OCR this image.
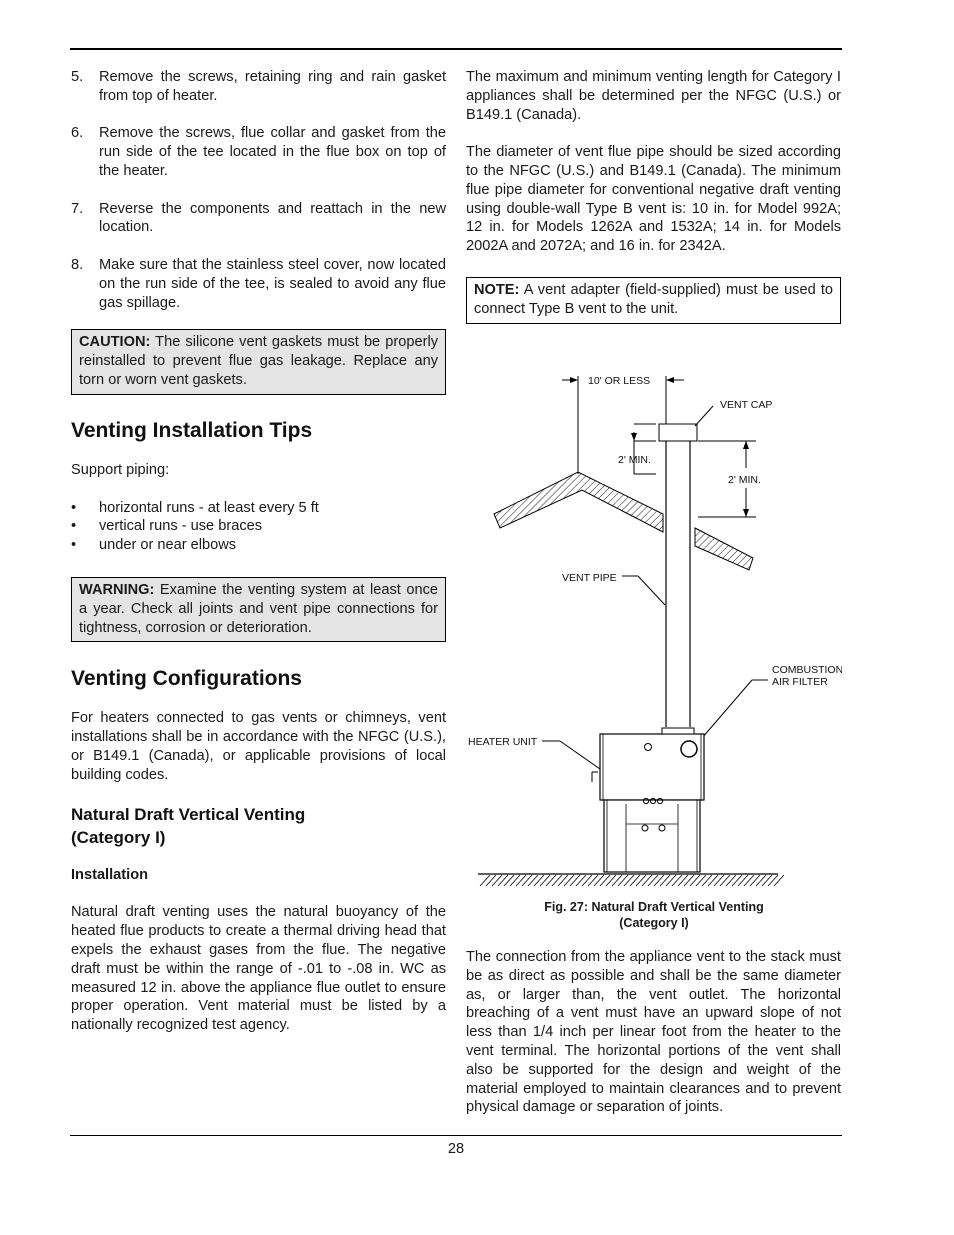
5. Remove the screws, retaining ring and rain gasket from top of heater.

6. Remove the screws, flue collar and gasket from the run side of the tee located in the flue box on top of the heater.

7. Reverse the components and reattach in the new location.

8. Make sure that the stainless steel cover, now located on the run side of the tee, is sealed to avoid any flue gas spillage.

CAUTION: The silicone vent gaskets must be properly reinstalled to prevent flue gas leakage. Replace any torn or worn vent gaskets.
Venting Installation Tips

Support piping:

• horizontal runs - at least every 5 ft
• vertical runs - use braces
• under or near elbows
WARNING: Examine the venting system at least once a year. Check all joints and vent pipe connections for tightness, corrosion or deterioration.
Venting Configurations

For heaters connected to gas vents or chimneys, vent installations shall be in accordance with the NFGC (U.S.), or B149.1 (Canada), or applicable provisions of local building codes.

Natural Draft Vertical Venting
(Category I)
Installation

Natural draft venting uses the natural buoyancy of the heated flue products to create a thermal driving head that expels the exhaust gases from the flue. The negative draft must be within the range of -.01 to -.08 in. WC as measured 12 in. above the appliance flue outlet to ensure proper operation. Vent material must be listed by a nationally recognized test agency.

The maximum and minimum venting length for Category I appliances shall be determined per the NFGC (U.S.) or B149.1 (Canada).

The diameter of vent flue pipe should be sized according to the NFGC (U.S.) and B149.1 (Canada). The minimum flue pipe diameter for conventional negative draft venting using double-wall Type B vent is: 10 in. for Model 992A; 12 in. for Models 1262A and 1532A; 14 in. for Models 2002A and 2072A; and 16 in. for 2342A.

NOTE: A vent adapter (field-supplied) must be used to connect Type B vent to the unit.
10' OR LESS
VENT CAP
2' MIN.
2' MIN.
VENT PIPE
COMBUSTION
AIR FILTER
HEATER UNIT
Fig. 27: Natural Draft Vertical Venting
(Category I)

The connection from the appliance vent to the stack must be as direct as possible and shall be the same diameter as, or larger than, the vent outlet. The horizontal breaching of a vent must have an upward slope of not less than 1/4 inch per linear foot from the heater to the vent terminal. The horizontal portions of the vent shall also be supported for the design and weight of the material employed to maintain clearances and to prevent physical damage or separation of joints.

28
